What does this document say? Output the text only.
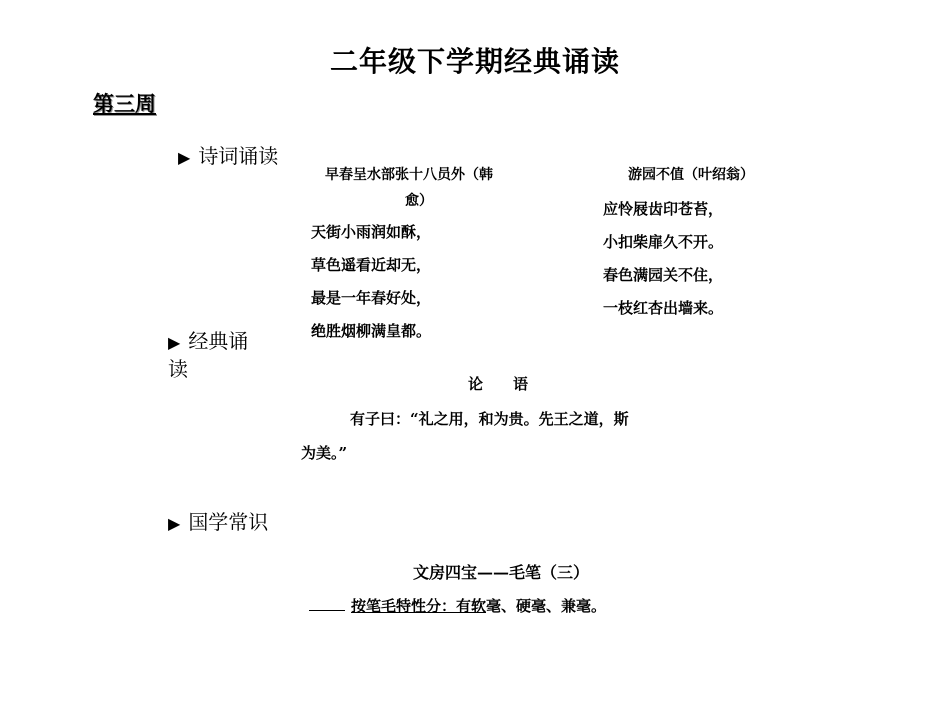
二年级下学期经典诵读
第三周
▶ 诗词诵读
早春呈水部张十八员外（韩
愈）
天街小雨润如酥，
草色遥看近却无，
最是一年春好处，
绝胜烟柳满皇都。
游园不值（叶绍翁）
应怜屐齿印苍苔，
小扣柴扉久不开。
春色满园关不住，
一枝红杏出墙来。
▶ 经典诵
读
论　　语
有子曰：“礼之用，和为贵。先王之道，斯
为美。”
▶ 国学常识
文房四宝——毛笔（三）
按笔毛特性分：有软毫、硬毫、兼毫。
